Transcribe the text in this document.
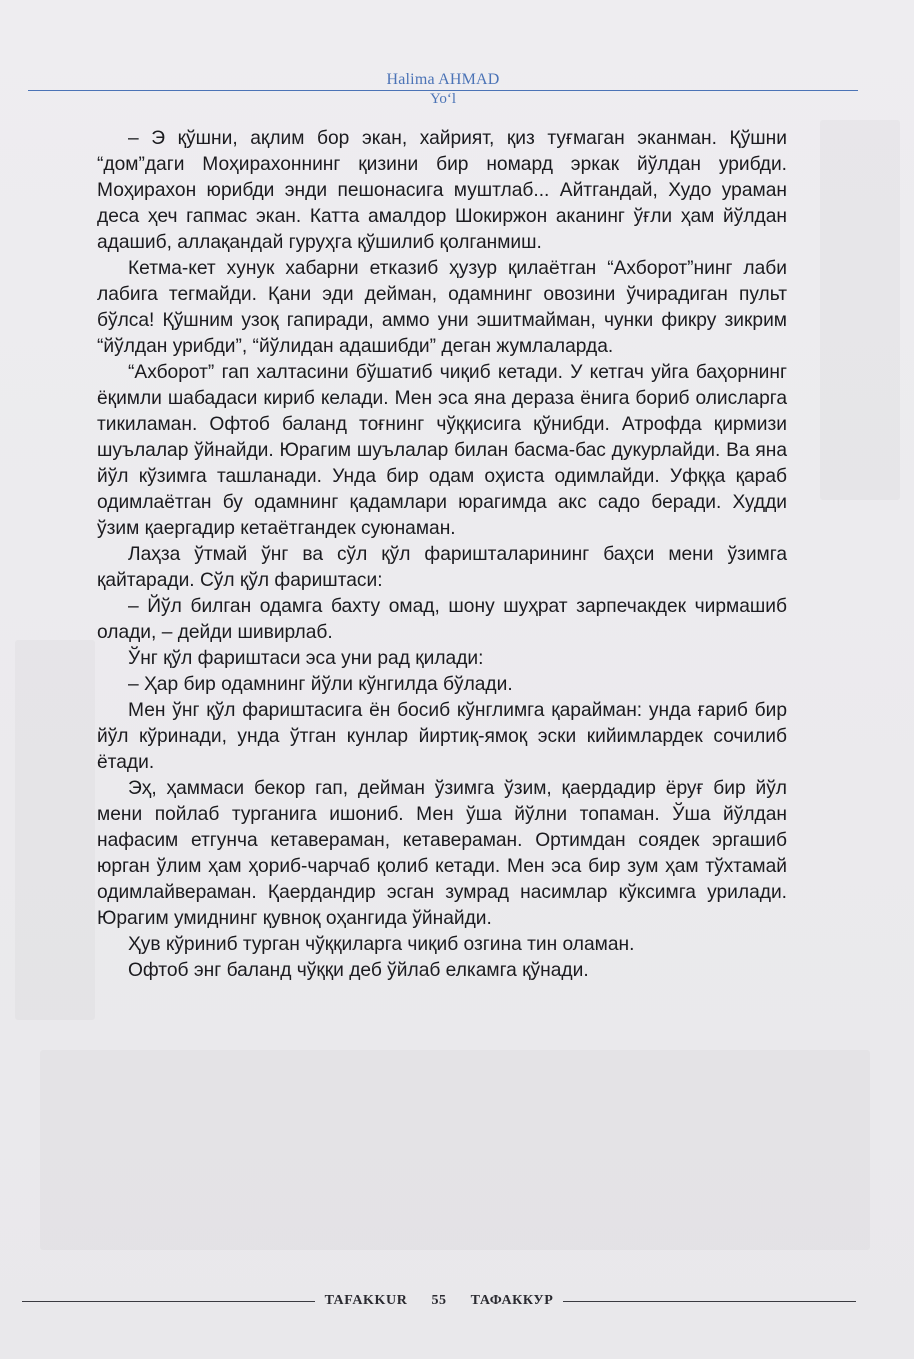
Halima AHMAD
Yo‘l

– Э қўшни, ақлим бор экан, хайрият, қиз туғмаган эканман. Қўшни “дом”даги Моҳирахоннинг қизини бир номард эркак йўлдан урибди. Моҳирахон юрибди энди пешонасига муштлаб... Айтгандай, Худо ураман деса ҳеч гапмас экан. Катта амалдор Шокиржон аканинг ўғли ҳам йўлдан адашиб, аллақандай гуруҳга қўшилиб қолганмиш.

Кетма-кет хунук хабарни етказиб ҳузур қилаётган “Ахборот”нинг лаби лабига тегмайди. Қани эди дейман, одамнинг овозини ўчирадиган пульт бўлса! Қўшним узоқ гапиради, аммо уни эшитмайман, чунки фикру зикрим “йўлдан урибди”, “йўлидан адашибди” деган жумлаларда.

“Ахборот” гап халтасини бўшатиб чиқиб кетади. У кетгач уйга баҳорнинг ёқимли шабадаси кириб келади. Мен эса яна дераза ёнига бориб олисларга тикиламан. Офтоб баланд тоғнинг чўққисига қўнибди. Атрофда қирмизи шуълалар ўйнайди. Юрагим шуълалар билан басма-бас дукурлайди. Ва яна йўл кўзимга ташланади. Унда бир одам оҳиста одимлайди. Уфққа қараб одимлаётган бу одамнинг қадамлари юрагимда акс садо беради. Худди ўзим қаергадир кетаётгандек суюнаман.

Лаҳза ўтмай ўнг ва сўл қўл фариштaларининг баҳси мени ўзимга қайтаради. Сўл қўл фариштаси:

– Йўл билган одамга бахту омад, шону шуҳрат зарпечакдек чирмашиб олади, – дейди шивирлаб.

Ўнг қўл фариштаси эса уни рад қилади:

– Ҳар бир одамнинг йўли кўнгилда бўлади.

Мен ўнг қўл фариштасига ён босиб кўнглимга қарайман: унда ғариб бир йўл кўринади, унда ўтган кунлар йиртиқ-ямоқ эски кийимлардек сочилиб ётади.

Эҳ, ҳаммаси бекор гап, дейман ўзимга ўзим, қаердадир ёруғ бир йўл мени пойлаб турганига ишониб. Мен ўша йўлни топаман. Ўша йўлдан нафасим етгунча кетавераман, кетавераман. Ортимдан соядек эргашиб юрган ўлим ҳам ҳориб-чарчаб қолиб кетади. Мен эса бир зум ҳам тўхтамай одимлайвераман. Қаердандир эсган зумрад насимлар кўксимга урилади. Юрагим умиднинг қувноқ оҳангида ўйнайди.

Ҳув кўриниб турган чўққиларга чиқиб озгина тин оламан.

Офтоб энг баланд чўққи деб ўйлаб елкамга қўнади.

TAFAKKUR	55	ТАФАККУР
